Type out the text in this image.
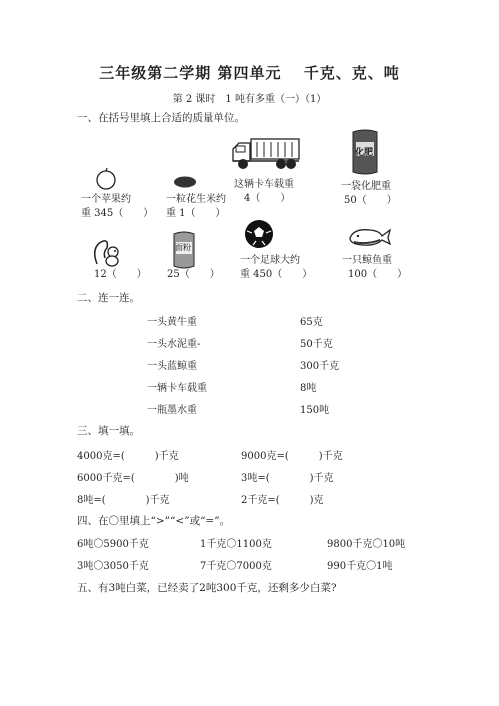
三年级第二学期 第四单元　 千克、克、吨
第 2 课时　1 吨有多重（一）（1）
一、在括号里填上合适的质量单位。
化肥
一个苹果约
重 345（　　）
一粒花生米约
重 1（　　）
这辆卡车载重
4（　　）
一袋化肥重
50（　　）
面粉
12（　　） 25（　　）
一个足球大约
重 450（　　）
一只鲸鱼重
100（　　）
二、连一连。
一头黄牛重
一头水泥重-
一头蓝鲸重
一辆卡车载重
一瓶墨水重
65克
50千克
300千克
8吨
150吨
三、填一填。
4000克=(　　　)千克	9000克=(　　　)千克
6000千克=(　　　　)吨	3吨=(　　　　)千克
8吨=(　　　　)千克	2千克=(　　　)克
四、在〇里填上“>”“<”或“=”。
6吨〇5900千克	1千克〇1100克	9800千克〇10吨
3吨〇3050千克	7千克〇7000克	990千克〇1吨
五、有3吨白菜，已经卖了2吨300千克，还剩多少白菜?
